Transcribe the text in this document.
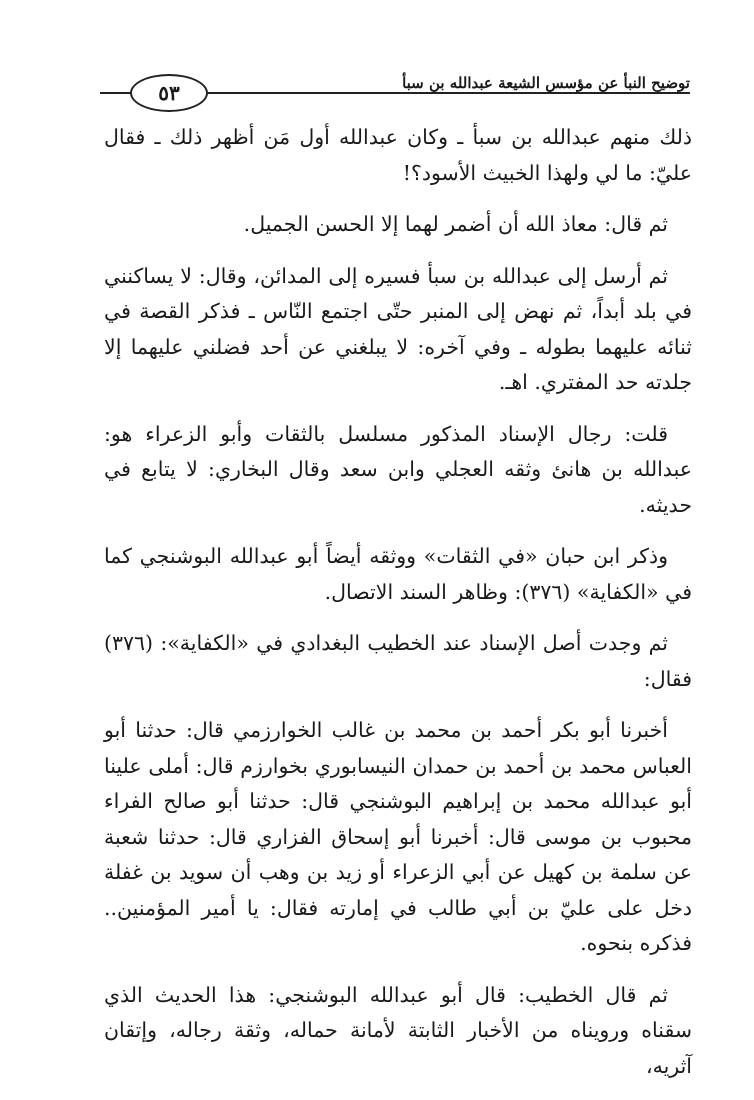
٥٣	توضيح النبأ عن مؤسس الشيعة عبدالله بن سبأ

ذلك منهم عبدالله بن سبأ ـ وكان عبدالله أول مَن أظهر ذلك ـ فقال عليّ: ما لي ولهذا الخبيث الأسود؟!

ثم قال: معاذ الله أن أضمر لهما إلا الحسن الجميل.

ثم أرسل إلى عبدالله بن سبأ فسيره إلى المدائن، وقال: لا يساكنني في بلد أبداً، ثم نهض إلى المنبر حتّى اجتمع النّاس ـ فذكر القصة في ثنائه عليهما بطوله ـ وفي آخره: لا يبلغني عن أحد فضلني عليهما إلا جلدته حد المفتري. اهـ.

قلت: رجال الإسناد المذكور مسلسل بالثقات وأبو الزعراء هو: عبدالله بن هانئ وثقه العجلي وابن سعد وقال البخاري: لا يتابع في حديثه.

وذكر ابن حبان «في الثقات» ووثقه أيضاً أبو عبدالله البوشنجي كما في «الكفاية» (٣٧٦): وظاهر السند الاتصال.

ثم وجدت أصل الإسناد عند الخطيب البغدادي في «الكفاية»: (٣٧٦) فقال:

أخبرنا أبو بكر أحمد بن محمد بن غالب الخوارزمي قال: حدثنا أبو العباس محمد بن أحمد بن حمدان النيسابوري بخوارزم قال: أملى علينا أبو عبدالله محمد بن إبراهيم البوشنجي قال: حدثنا أبو صالح الفراء محبوب بن موسى قال: أخبرنا أبو إسحاق الفزاري قال: حدثنا شعبة عن سلمة بن كهيل عن أبي الزعراء أو زيد بن وهب أن سويد بن غفلة دخل على عليّ بن أبي طالب في إمارته فقال: يا أمير المؤمنين.. فذكره بنحوه.

ثم قال الخطيب: قال أبو عبدالله البوشنجي: هذا الحديث الذي سقناه ورويناه من الأخبار الثابتة لأمانة حماله، وثقة رجاله، وإتقان آثريه،
